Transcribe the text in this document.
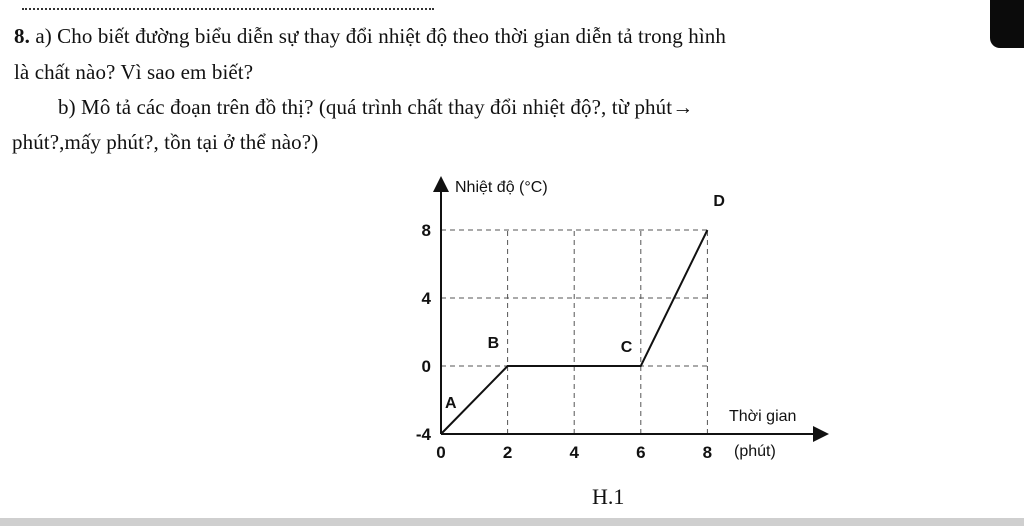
8. a) Cho biết đường biểu diễn sự thay đổi nhiệt độ theo thời gian diễn tả trong hình
là chất nào? Vì sao em biết?
b) Mô tả các đoạn trên đồ thị? (quá trình chất thay đổi nhiệt độ?, từ phút→
phút?,mấy phút?, tồn tại ở thể nào?)
0	2	4	6	8
-4
0
4
8
Nhiệt độ (°C)
Thời gian
(phút)
A
B	C
D
H.1
